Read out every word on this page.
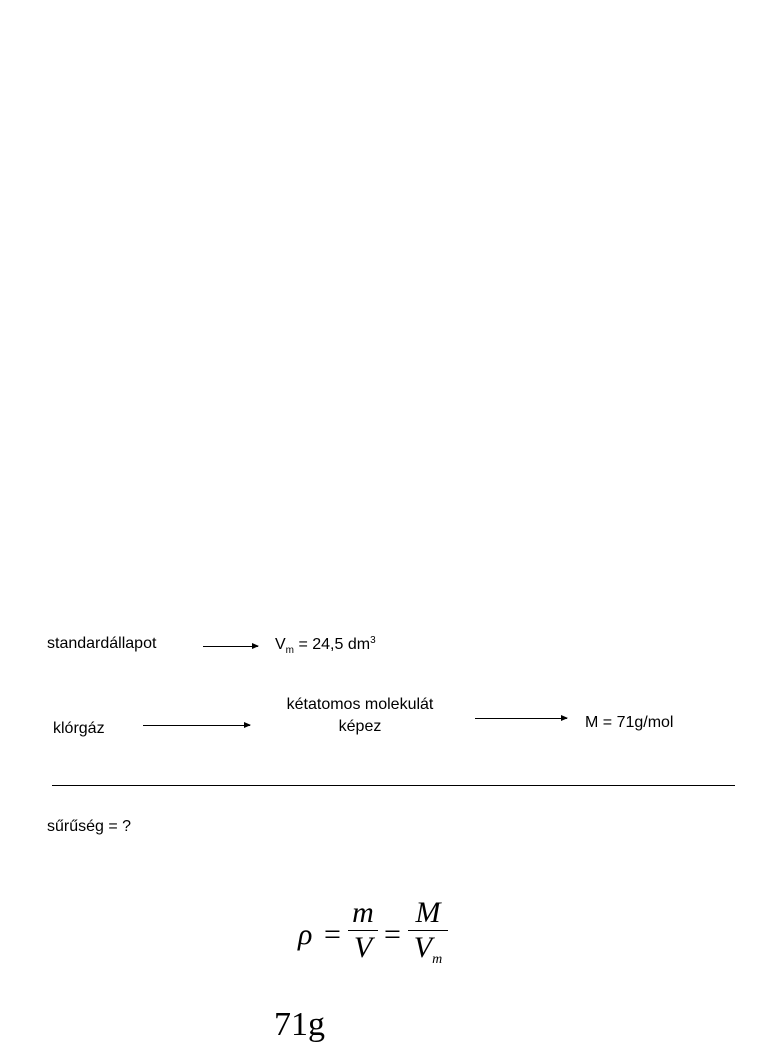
standardállapot	$V_m = 24,5$ $dm^3$
klórgáz
kétatomos molekulát
képez	M = 71g/mol
sűrűség = ?
ρ =
m
V =
M
$V_m$
71g
